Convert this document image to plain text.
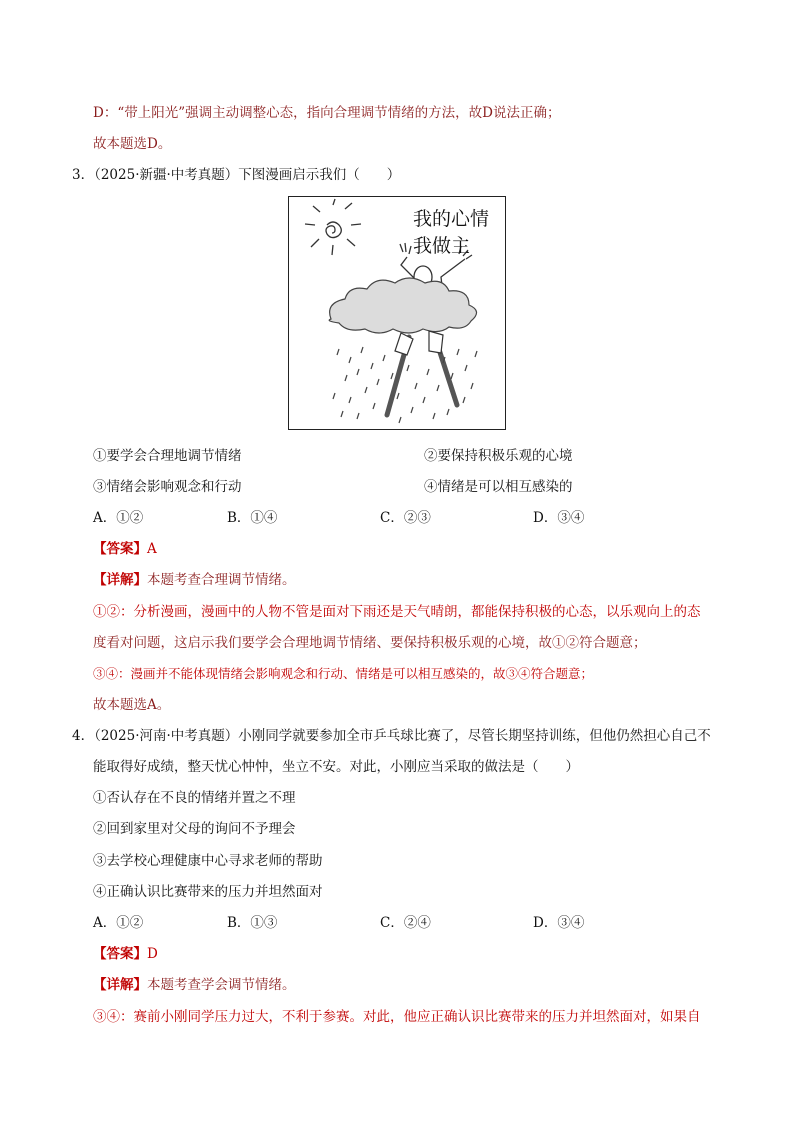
D：“带上阳光”强调主动调整心态，指向合理调节情绪的方法，故D说法正确；
故本题选D。
3．（2025·新疆·中考真题）下图漫画启示我们（　　）
我的心情
我做主
①要学会合理地调节情绪	②要保持积极乐观的心境
③情绪会影响观念和行动	④情绪是可以相互感染的
A．①②	B．①④	C．②③	D．③④
【答案】A
【详解】本题考查合理调节情绪。
①②：分析漫画，漫画中的人物不管是面对下雨还是天气晴朗，都能保持积极的心态，以乐观向上的态
度看对问题，这启示我们要学会合理地调节情绪、要保持积极乐观的心境，故①②符合题意；
③④：漫画并不能体现情绪会影响观念和行动、情绪是可以相互感染的，故③④符合题意；
故本题选A。
4．（2025·河南·中考真题）小刚同学就要参加全市乒乓球比赛了，尽管长期坚持训练，但他仍然担心自己不
能取得好成绩，整天忧心忡忡，坐立不安。对此，小刚应当采取的做法是（　　）
①否认存在不良的情绪并置之不理
②回到家里对父母的询问不予理会
③去学校心理健康中心寻求老师的帮助
④正确认识比赛带来的压力并坦然面对
A．①②	B．①③	C．②④	D．③④
【答案】D
【详解】本题考查学会调节情绪。
③④：赛前小刚同学压力过大，不利于参赛。对此，他应正确认识比赛带来的压力并坦然面对，如果自
